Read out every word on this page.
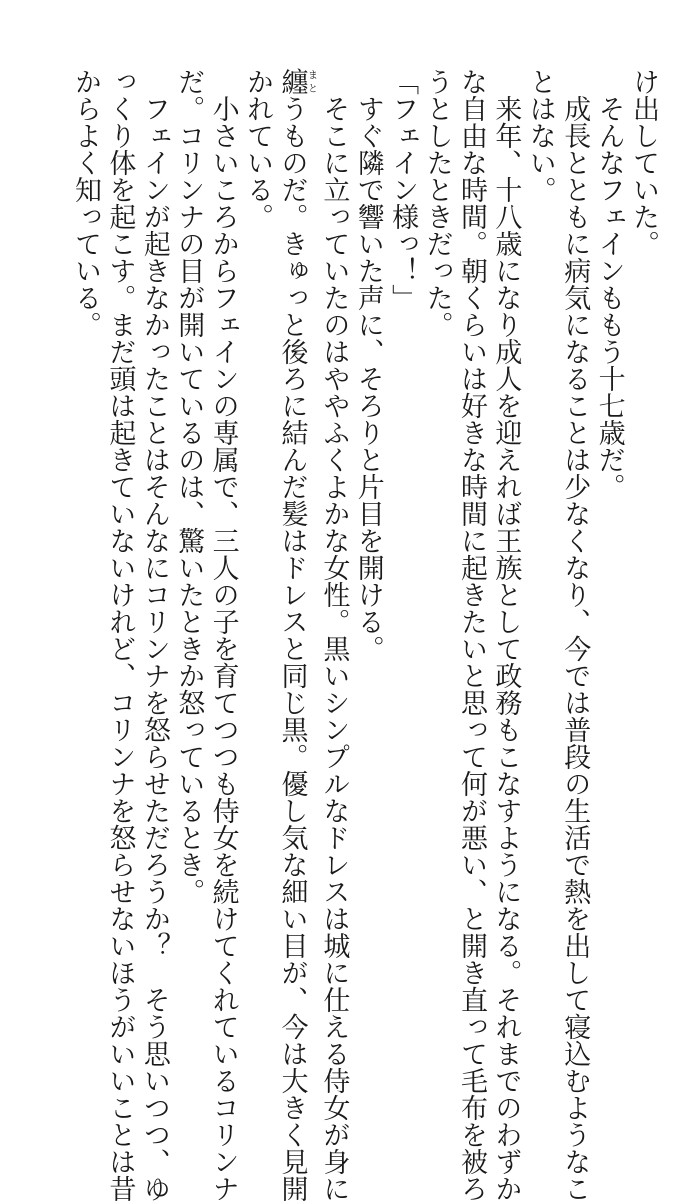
け出していた。

　そんなフェインももう十七歳だ。

　成長とともに病気になることは少なくなり、今では普段の生活で熱を出して寝込むようなこ

とはない。

　来年、十八歳になり成人を迎えれば王族として政務もこなすようになる。それまでのわずか

な自由な時間。朝くらいは好きな時間に起きたいと思って何が悪い、と開き直って毛布を被ろ

うとしたときだった。

「フェイン様っ！」

　すぐ隣で響いた声に、そろりと片目を開ける。

　そこに立っていたのはややふくよかな女性。黒いシンプルなドレスは城に仕える侍女が身に

纏まとうものだ。きゅっと後ろに結んだ髪はドレスと同じ黒。優し気な細い目が、今は大きく見開

かれている。

　小さいころからフェインの専属で、三人の子を育てつつも侍女を続けてくれているコリンナ

だ。コリンナの目が開いているのは、驚いたときか怒っているとき。

　フェインが起きなかったことはそんなにコリンナを怒らせただろうか？　そう思いつつ、ゆ

っくり体を起こす。まだ頭は起きていないけれど、コリンナを怒らせないほうがいいことは昔

からよく知っている。
